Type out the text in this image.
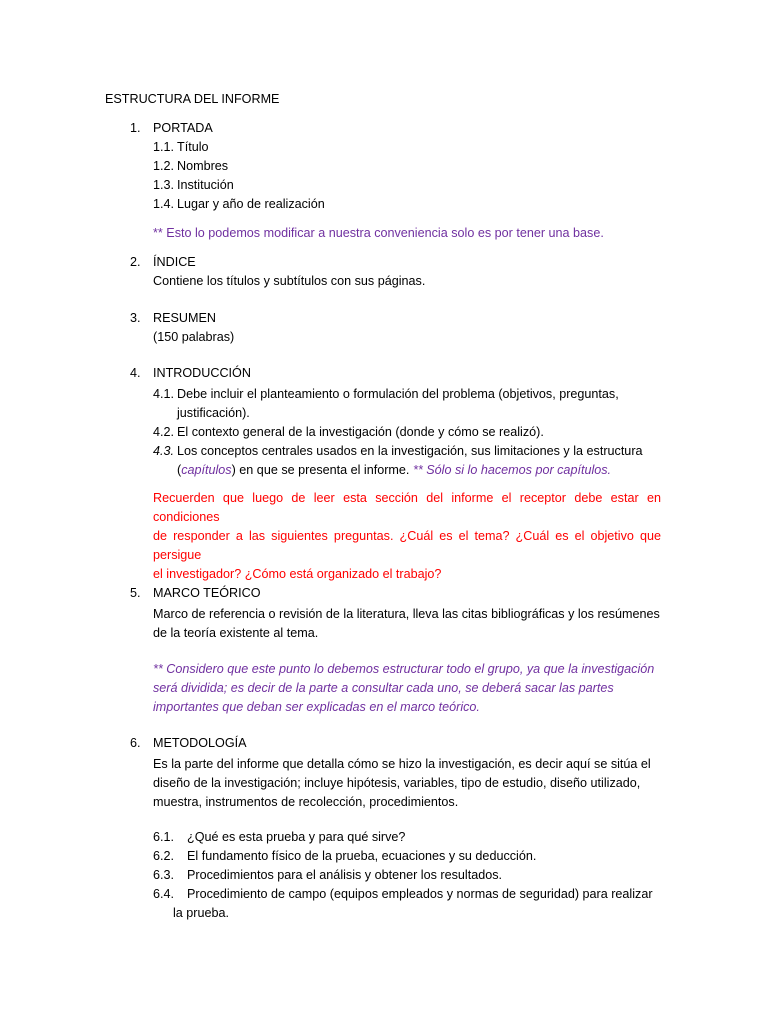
ESTRUCTURA DEL INFORME
1. PORTADA
1.1. Título
1.2. Nombres
1.3. Institución
1.4. Lugar y año de realización
** Esto lo podemos modificar a nuestra conveniencia solo es por tener una base.
2. ÍNDICE
Contiene los títulos y subtítulos con sus páginas.
3. RESUMEN
(150 palabras)
4. INTRODUCCIÓN
4.1. Debe incluir el planteamiento o formulación del problema (objetivos, preguntas,
justificación).
4.2. El contexto general de la investigación (donde y cómo se realizó).
4.3. Los conceptos centrales usados en la investigación, sus limitaciones y la estructura
(capítulos) en que se presenta el informe. ** Sólo si lo hacemos por capítulos.
Recuerden que luego de leer esta sección del informe el receptor debe estar en condiciones
de responder a las siguientes preguntas. ¿Cuál es el tema? ¿Cuál es el objetivo que persigue
el investigador? ¿Cómo está organizado el trabajo?
5. MARCO TEÓRICO
Marco de referencia o revisión de la literatura, lleva las citas bibliográficas y los resúmenes
de la teoría existente al tema.
** Considero que este punto lo debemos estructurar todo el grupo, ya que la investigación
será dividida; es decir de la parte a consultar cada uno, se deberá sacar las partes
importantes que deban ser explicadas en el marco teórico.
6. METODOLOGÍA
Es la parte del informe que detalla cómo se hizo la investigación, es decir aquí se sitúa el
diseño de la investigación; incluye hipótesis, variables, tipo de estudio, diseño utilizado,
muestra, instrumentos de recolección, procedimientos.
6.1. ¿Qué es esta prueba y para qué sirve?
6.2. El fundamento físico de la prueba, ecuaciones y su deducción.
6.3. Procedimientos para el análisis y obtener los resultados.
6.4. Procedimiento de campo (equipos empleados y normas de seguridad) para realizar
la prueba.
